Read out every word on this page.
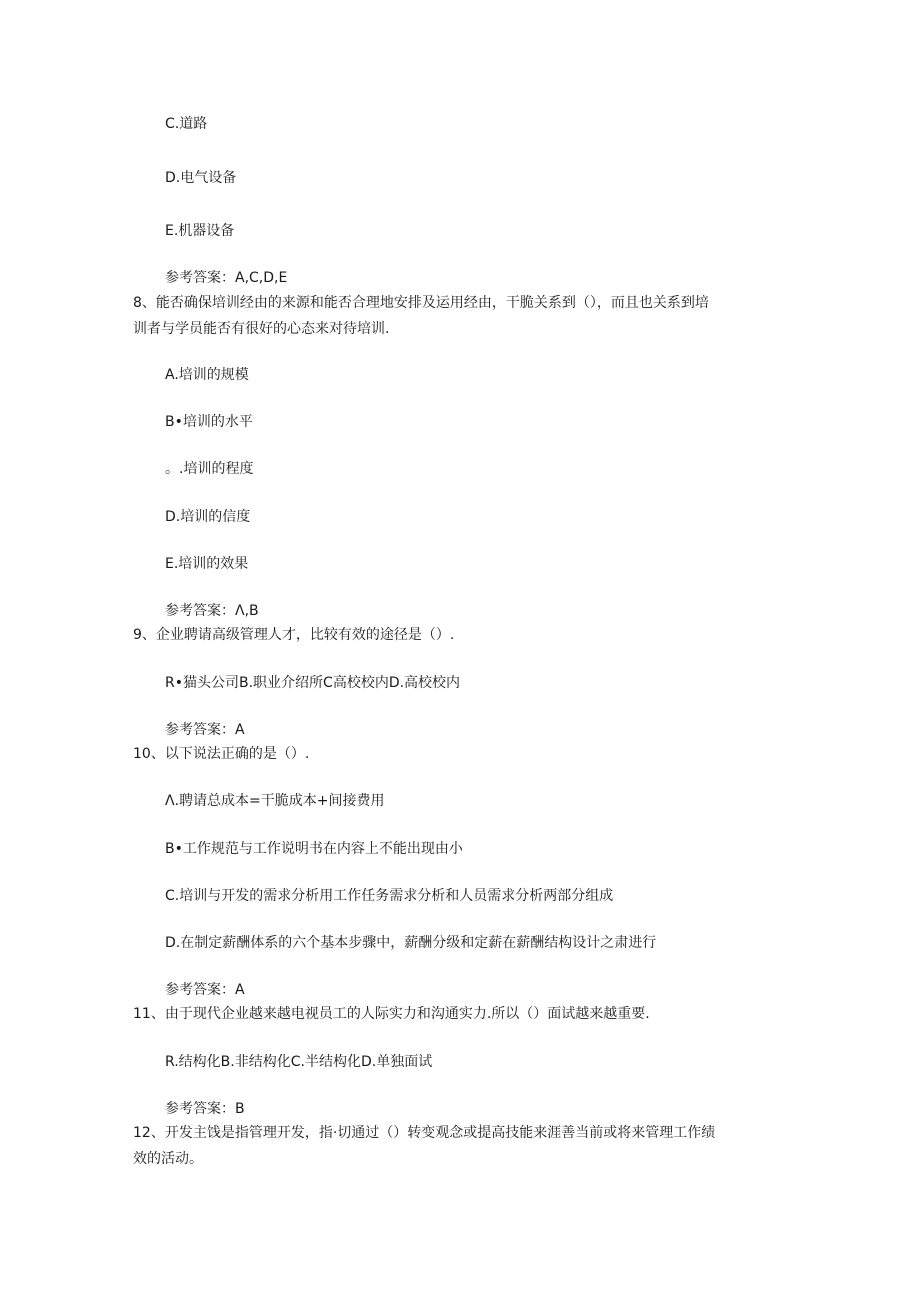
C.道路
D.电气设备
E.机器设备
参考答案：A,C,D,E
8、能否确保培训经由的来源和能否合理地安排及运用经由，干脆关系到（），而且也关系到培
训者与学员能否有很好的心态来对待培训.
A.培训的规模
B•培训的水平
。.培训的程度
D.培训的信度
E.培训的效果
参考答案：Λ,B
9、企业聘请高级管理人才，比较有效的途径是（）.
R•猫头公司B.职业介绍所C高校校内D.高校校内
参考答案：A
10、以下说法正确的是（）.
Λ.聘请总成本=干脆成本+间接费用
B•工作规范与工作说明书在内容上不能出现由小
C.培训与开发的需求分析用工作任务需求分析和人员需求分析两部分组成
D.在制定薪酬体系的六个基本步骤中，薪酬分级和定薪在薪酬结构设计之肃进行
参考答案：A
11、由于现代企业越来越电视员工的人际实力和沟通实力.所以（）面试越来越重要.
R.结构化B.非结构化C.半结构化D.单独面试
参考答案：B
12、开发主饯是指管理开发，指·切通过（）转变观念或提高技能来涯善当前或将来管理工作绩
效的活动。
